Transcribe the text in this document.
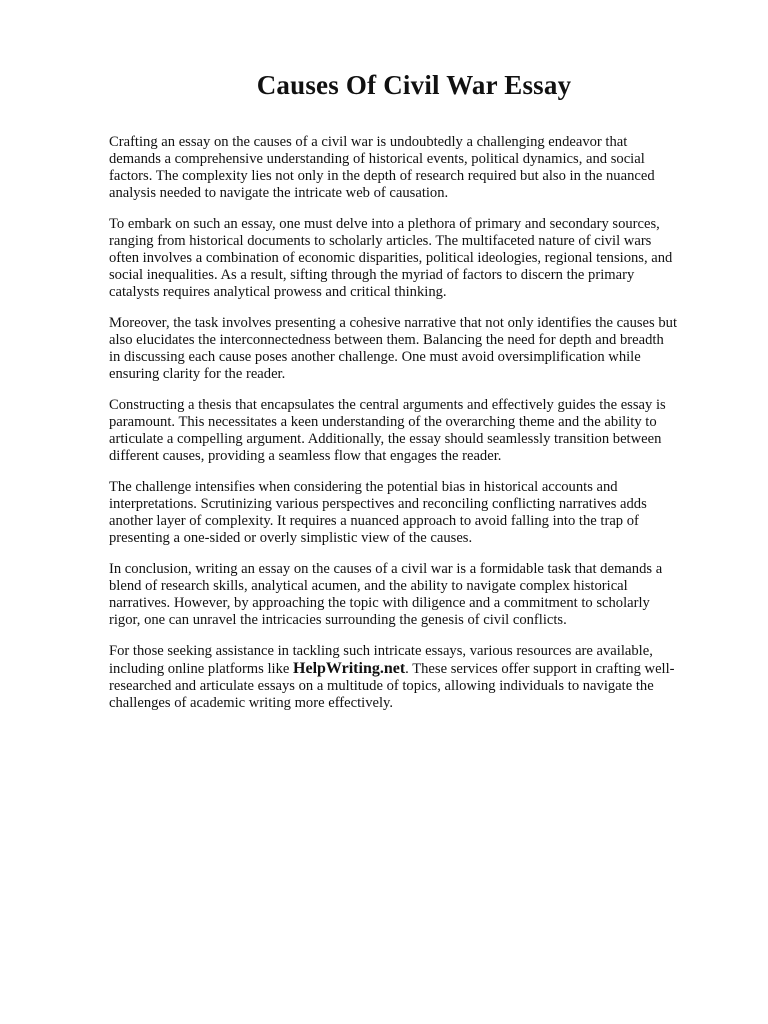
Causes Of Civil War Essay

Crafting an essay on the causes of a civil war is undoubtedly a challenging endeavor that
demands a comprehensive understanding of historical events, political dynamics, and social
factors. The complexity lies not only in the depth of research required but also in the nuanced
analysis needed to navigate the intricate web of causation.

To embark on such an essay, one must delve into a plethora of primary and secondary sources,
ranging from historical documents to scholarly articles. The multifaceted nature of civil wars
often involves a combination of economic disparities, political ideologies, regional tensions, and
social inequalities. As a result, sifting through the myriad of factors to discern the primary
catalysts requires analytical prowess and critical thinking.

Moreover, the task involves presenting a cohesive narrative that not only identifies the causes but
also elucidates the interconnectedness between them. Balancing the need for depth and breadth
in discussing each cause poses another challenge. One must avoid oversimplification while
ensuring clarity for the reader.

Constructing a thesis that encapsulates the central arguments and effectively guides the essay is
paramount. This necessitates a keen understanding of the overarching theme and the ability to
articulate a compelling argument. Additionally, the essay should seamlessly transition between
different causes, providing a seamless flow that engages the reader.

The challenge intensifies when considering the potential bias in historical accounts and
interpretations. Scrutinizing various perspectives and reconciling conflicting narratives adds
another layer of complexity. It requires a nuanced approach to avoid falling into the trap of
presenting a one-sided or overly simplistic view of the causes.

In conclusion, writing an essay on the causes of a civil war is a formidable task that demands a
blend of research skills, analytical acumen, and the ability to navigate complex historical
narratives. However, by approaching the topic with diligence and a commitment to scholarly
rigor, one can unravel the intricacies surrounding the genesis of civil conflicts.

For those seeking assistance in tackling such intricate essays, various resources are available,
including online platforms like HelpWriting.net. These services offer support in crafting well-
researched and articulate essays on a multitude of topics, allowing individuals to navigate the
challenges of academic writing more effectively.
